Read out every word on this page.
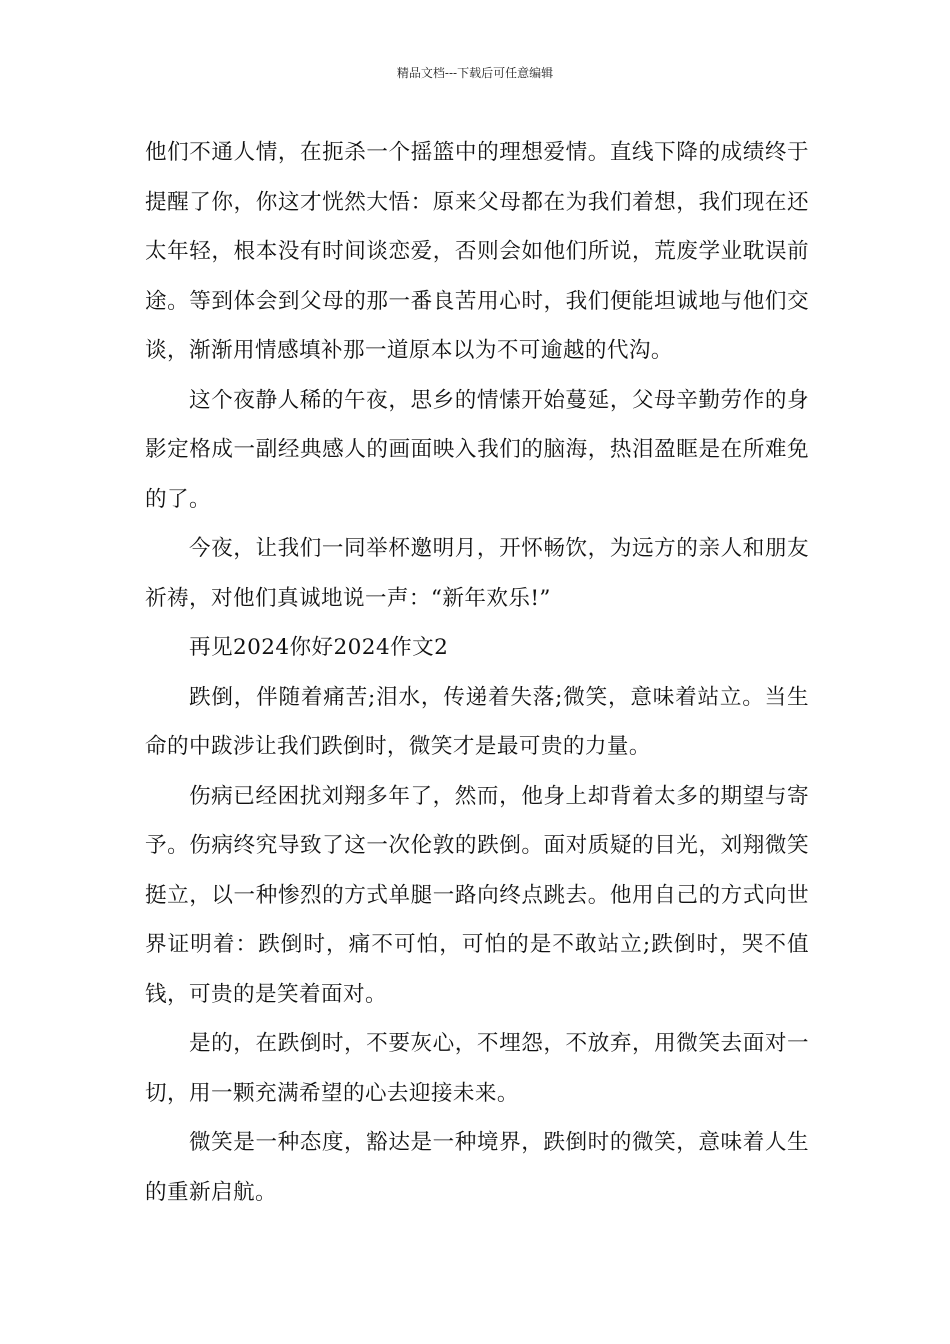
精品文档---下载后可任意编辑

他们不通人情，在扼杀一个摇篮中的理想爱情。直线下降的成绩终于提醒了你，你这才恍然大悟：原来父母都在为我们着想，我们现在还太年轻，根本没有时间谈恋爱，否则会如他们所说，荒废学业耽误前途。等到体会到父母的那一番良苦用心时，我们便能坦诚地与他们交谈，渐渐用情感填补那一道原本以为不可逾越的代沟。

这个夜静人稀的午夜，思乡的情愫开始蔓延，父母辛勤劳作的身影定格成一副经典感人的画面映入我们的脑海，热泪盈眶是在所难免的了。

今夜，让我们一同举杯邀明月，开怀畅饮，为远方的亲人和朋友祈祷，对他们真诚地说一声：“新年欢乐!”

再见2024你好2024作文2

跌倒，伴随着痛苦;泪水，传递着失落;微笑，意味着站立。当生命的中跋涉让我们跌倒时，微笑才是最可贵的力量。

伤病已经困扰刘翔多年了，然而，他身上却背着太多的期望与寄予。伤病终究导致了这一次伦敦的跌倒。面对质疑的目光，刘翔微笑挺立，以一种惨烈的方式单腿一路向终点跳去。他用自己的方式向世界证明着：跌倒时，痛不可怕，可怕的是不敢站立;跌倒时，哭不值钱，可贵的是笑着面对。

是的，在跌倒时，不要灰心，不埋怨，不放弃，用微笑去面对一切，用一颗充满希望的心去迎接未来。

微笑是一种态度，豁达是一种境界，跌倒时的微笑，意味着人生的重新启航。
